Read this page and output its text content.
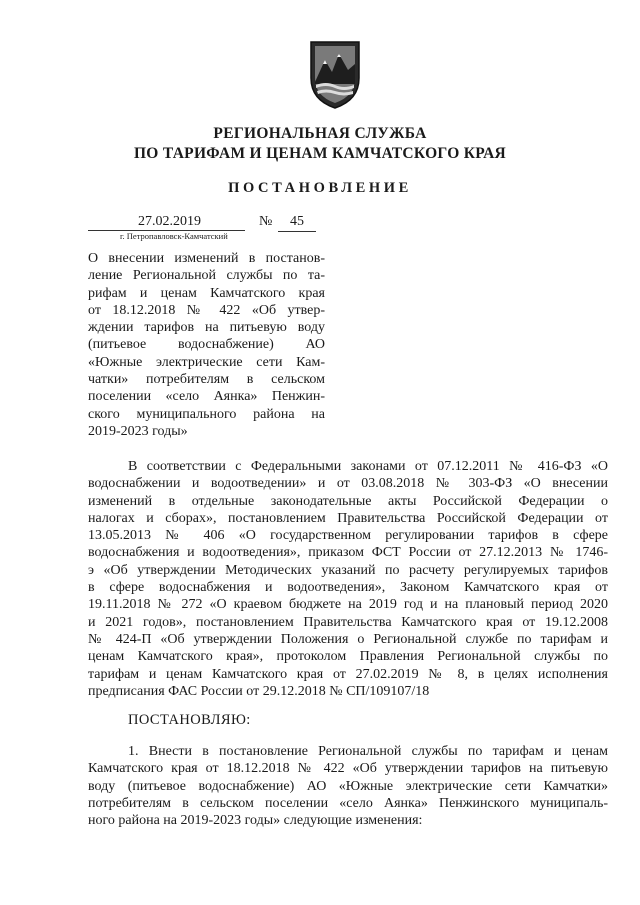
РЕГИОНАЛЬНАЯ СЛУЖБА
ПО ТАРИФАМ И ЦЕНАМ КАМЧАТСКОГО КРАЯ
ПОСТАНОВЛЕНИЕ
27.02.2019	№	45
г. Петропавловск-Камчатский
О внесении изменений в постанов-
ление Региональной службы по та-
рифам и ценам Камчатского края
от 18.12.2018 № 422 «Об утвер-
ждении тарифов на питьевую воду
(питьевое водоснабжение) АО
«Южные электрические сети Кам-
чатки» потребителям в сельском
поселении «село Аянка» Пенжин-
ского муниципального района на
2019-2023 годы»
В соответствии с Федеральными законами от 07.12.2011 № 416-ФЗ «О
водоснабжении и водоотведении» и от 03.08.2018 № 303-ФЗ «О внесении
изменений в отдельные законодательные акты Российской Федерации о
налогах и сборах», постановлением Правительства Российской Федерации от
13.05.2013 № 406 «О государственном регулировании тарифов в сфере
водоснабжения и водоотведения», приказом ФСТ России от 27.12.2013 № 1746-
э «Об утверждении Методических указаний по расчету регулируемых тарифов
в сфере водоснабжения и водоотведения», Законом Камчатского края от
19.11.2018 № 272 «О краевом бюджете на 2019 год и на плановый период 2020
и 2021 годов», постановлением Правительства Камчатского края от 19.12.2008
№ 424-П «Об утверждении Положения о Региональной службе по тарифам и
ценам Камчатского края», протоколом Правления Региональной службы по
тарифам и ценам Камчатского края от 27.02.2019 № 8, в целях исполнения
предписания ФАС России от 29.12.2018 № СП/109107/18
ПОСТАНОВЛЯЮ:
1. Внести в постановление Региональной службы по тарифам и ценам
Камчатского края от 18.12.2018 № 422 «Об утверждении тарифов на питьевую
воду (питьевое водоснабжение) АО «Южные электрические сети Камчатки»
потребителям в сельском поселении «село Аянка» Пенжинского муниципаль-
ного района на 2019-2023 годы» следующие изменения:
